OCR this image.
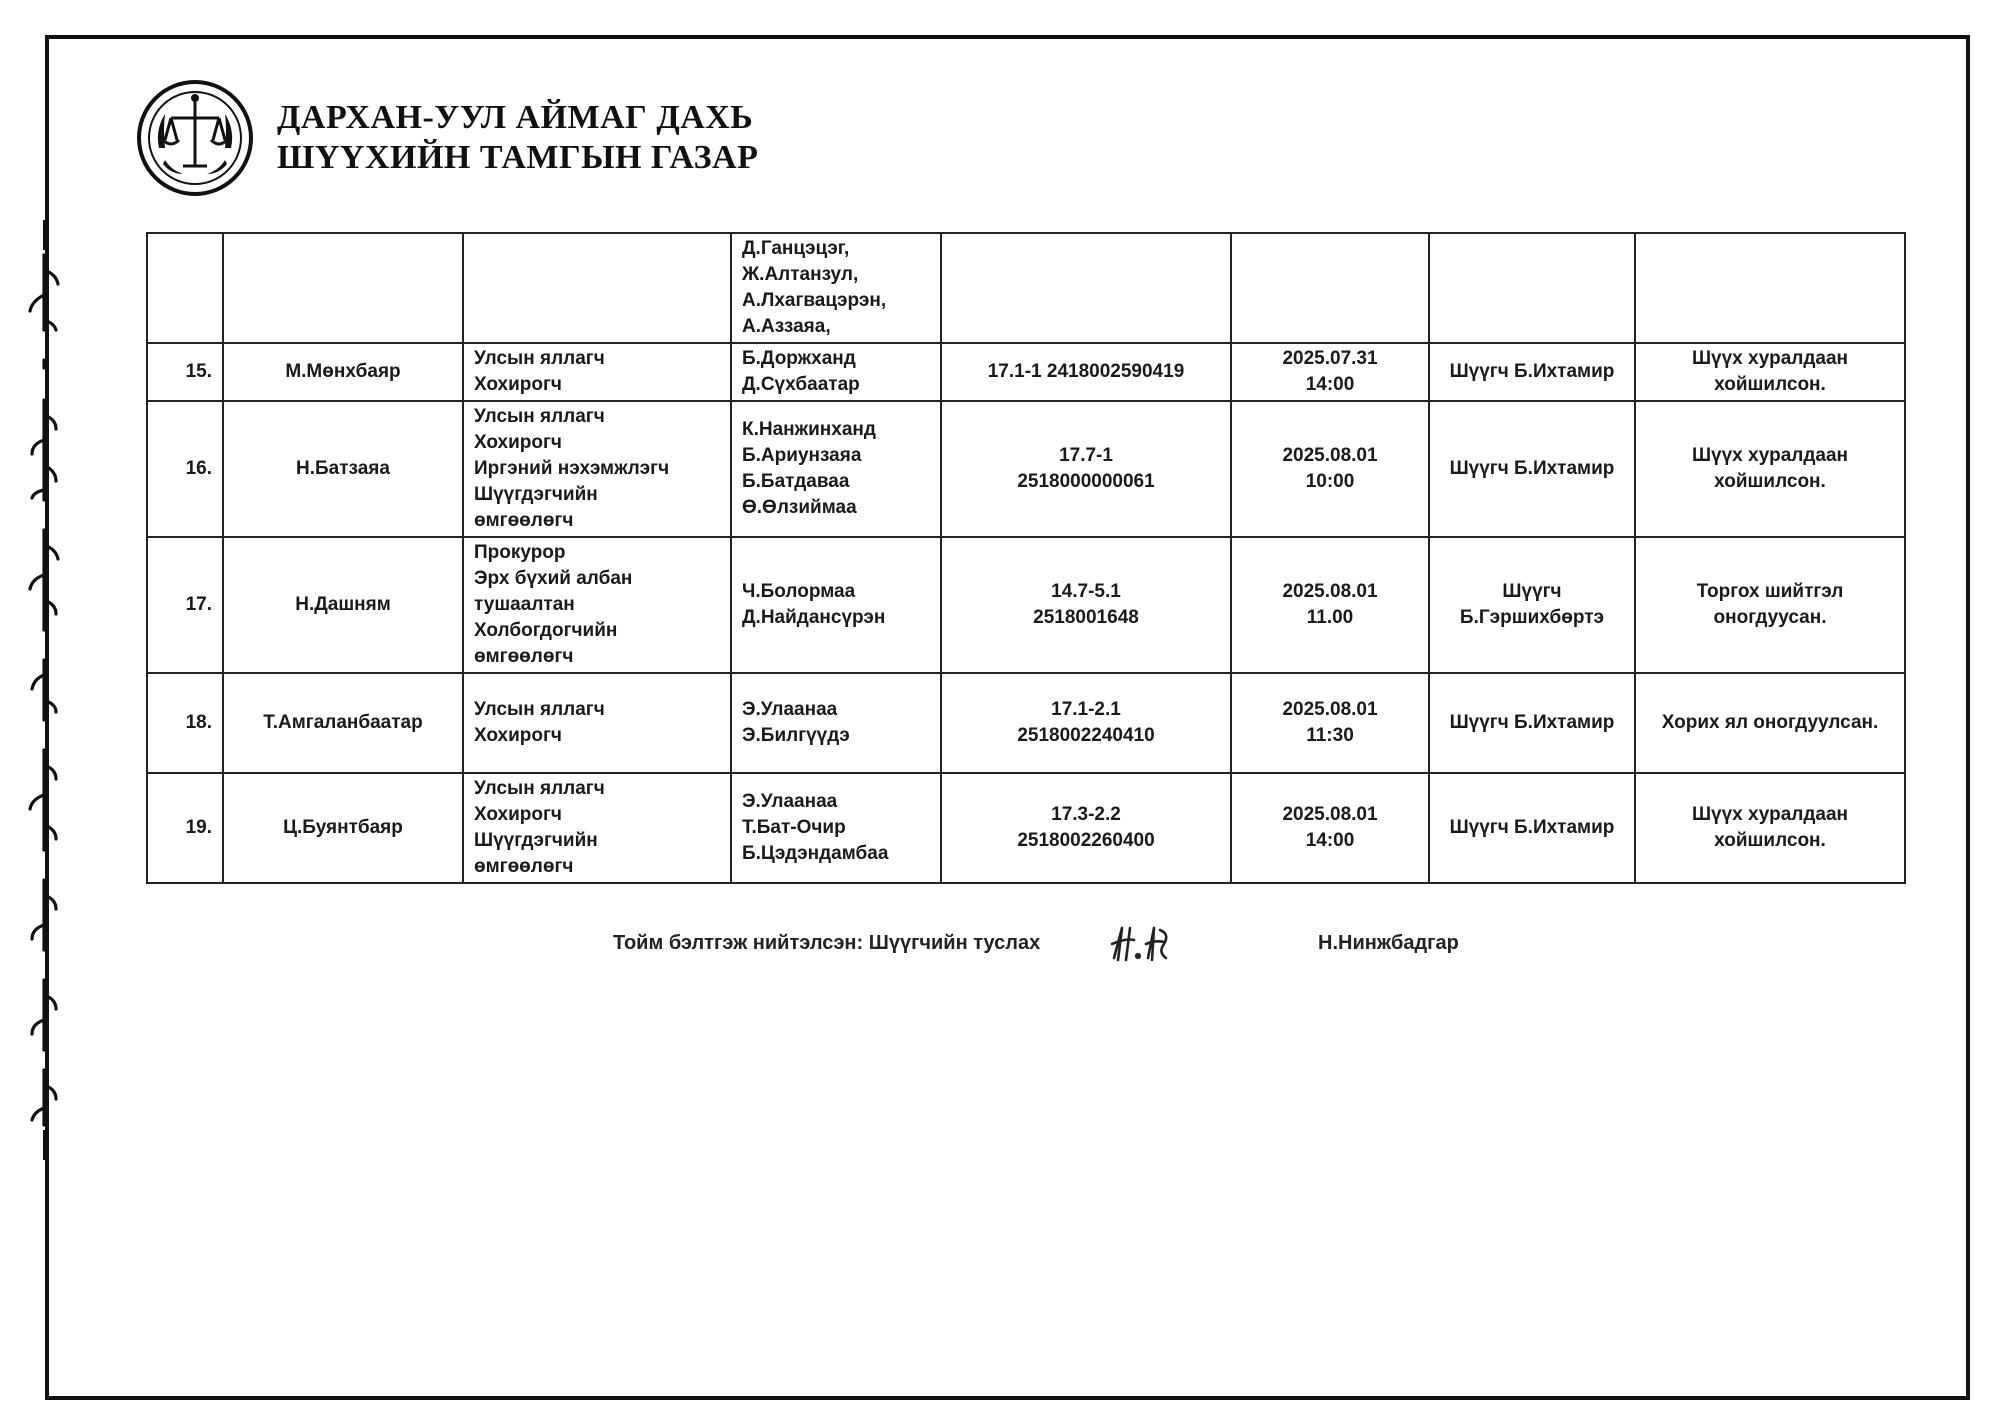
ДАРХАН-УУЛ АЙМАГ ДАХЬ
ШҮҮХИЙН ТАМГЫН ГАЗАР

			Д.Ганцэцэг,
Ж.Алтанзул,
А.Лхагвацэрэн,
А.Аззаяа,				

15.	М.Мөнхбаяр	Улсын яллагч
Хохирогч	Б.Доржханд
Д.Сүхбаатар	17.1-1 2418002590419	2025.07.31
14:00	Шүүгч Б.Ихтамир	Шүүх хуралдаан
хойшилсон.

16.	Н.Батзаяа	Улсын яллагч
Хохирогч
Иргэний нэхэмжлэгч
Шүүгдэгчийн
өмгөөлөгч	К.Нанжинханд
Б.Ариунзаяа
Б.Батдаваа
Ө.Өлзиймаа	17.7-1
2518000000061	2025.08.01
10:00	Шүүгч Б.Ихтамир	Шүүх хуралдаан
хойшилсон.

17.	Н.Дашням	Прокурор
Эрх бүхий албан
тушаалтан
Холбогдогчийн
өмгөөлөгч	Ч.Болормаа
Д.Найдансүрэн	14.7-5.1
2518001648	2025.08.01
11.00	Шүүгч
Б.Гэршихбөртэ	Торгох шийтгэл
оногдуусан.

18.	Т.Амгаланбаатар	Улсын яллагч
Хохирогч	Э.Улаанаа
Э.Билгүүдэ	17.1-2.1
2518002240410	2025.08.01
11:30	Шүүгч Б.Ихтамир	Хорих ял оногдуулсан.

19.	Ц.Буянтбаяр	Улсын яллагч
Хохирогч
Шүүгдэгчийн
өмгөөлөгч	Э.Улаанаа
Т.Бат-Очир
Б.Цэдэндамбаа	17.3-2.2
2518002260400	2025.08.01
14:00	Шүүгч Б.Ихтамир	Шүүх хуралдаан
хойшилсон.
Тойм бэлтгэж нийтэлсэн: Шүүгчийн туслах	Н.Нинжбадгар
